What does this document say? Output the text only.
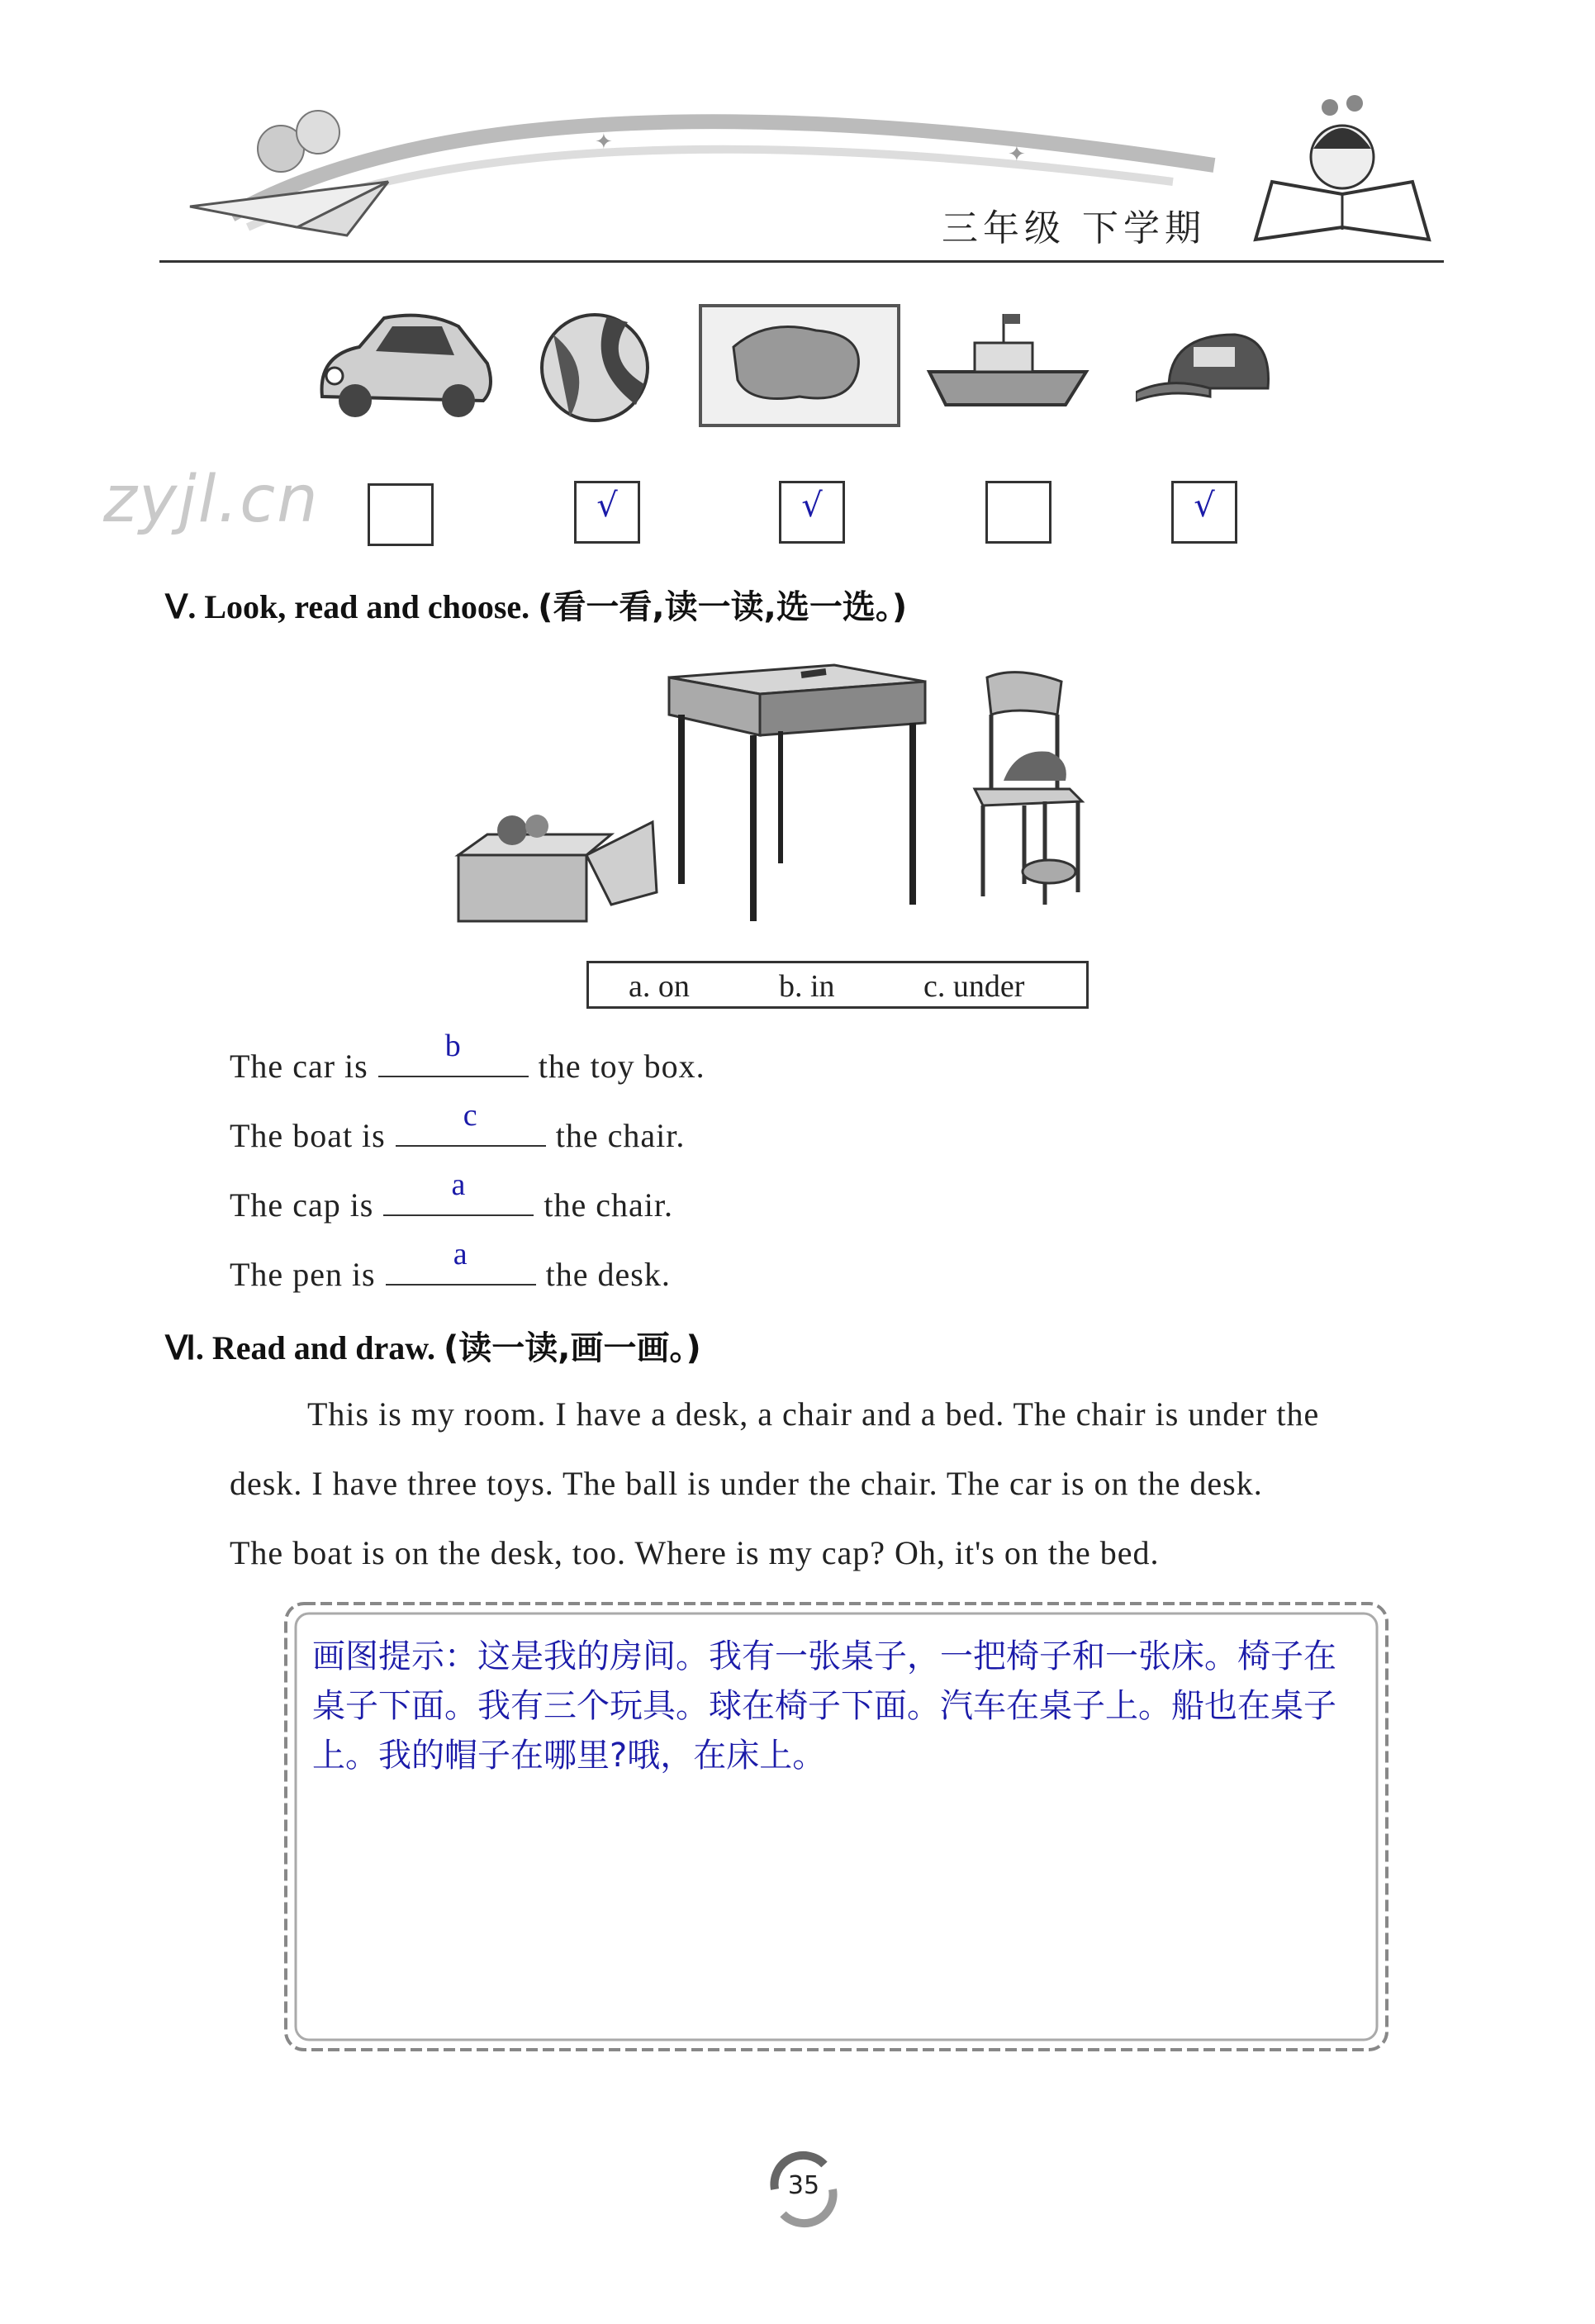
✦	✦
三年级 下学期
zyjl.cn	√	√	√
Ⅴ. Look, read and choose. (看一看,读一读,选一选。)
a. on	b. in	c. under
The car is
b
the toy box.
The boat is
c
the chair.
The cap is
a
the chair.
The pen is
a
the desk.
Ⅵ. Read and draw. (读一读,画一画。)
This is my room. I have a desk, a chair and a bed. The chair is under the
desk. I have three toys. The ball is under the chair. The car is on the desk.
The boat is on the desk, too. Where is my cap? Oh, it's on the bed.
画图提示：这是我的房间。我有一张桌子，一把椅子和一张床。椅子在桌子下面。我有三个玩具。球在椅子下面。汽车在桌子上。船也在桌子上。我的帽子在哪里?哦，在床上。
35
